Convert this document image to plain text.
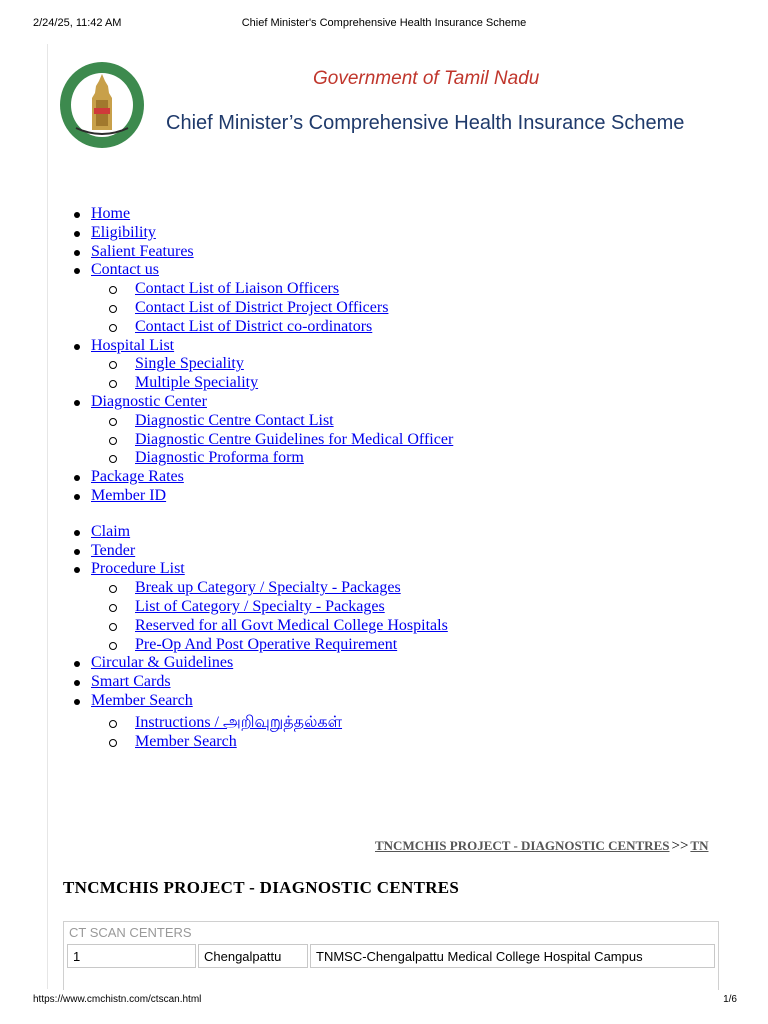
2/24/25, 11:42 AM	Chief Minister's Comprehensive Health Insurance Scheme
Government of Tamil Nadu
Chief Minister’s Comprehensive Health Insurance Scheme
Home
Eligibility
Salient Features
Contact us
Contact List of Liaison Officers
Contact List of District Project Officers
Contact List of District co-ordinators
Hospital List
Single Speciality
Multiple Speciality
Diagnostic Center
Diagnostic Centre Contact List
Diagnostic Centre Guidelines for Medical Officer
Diagnostic Proforma form
Package Rates
Member ID
Claim
Tender
Procedure List
Break up Category / Specialty - Packages
List of Category / Specialty - Packages
Reserved for all Govt Medical College Hospitals
Pre-Op And Post Operative Requirement
Circular & Guidelines
Smart Cards
Member Search
Instructions / அறிவுறுத்தல்கள்
Member Search
TNCMCHIS PROJECT - DIAGNOSTIC CENTRES >> TN
TNCMCHIS PROJECT - DIAGNOSTIC CENTRES
CT SCAN CENTERS
1	Chengalpattu	TNMSC-Chengalpattu Medical College Hospital Campus
https://www.cmchistn.com/ctscan.html	1/6
